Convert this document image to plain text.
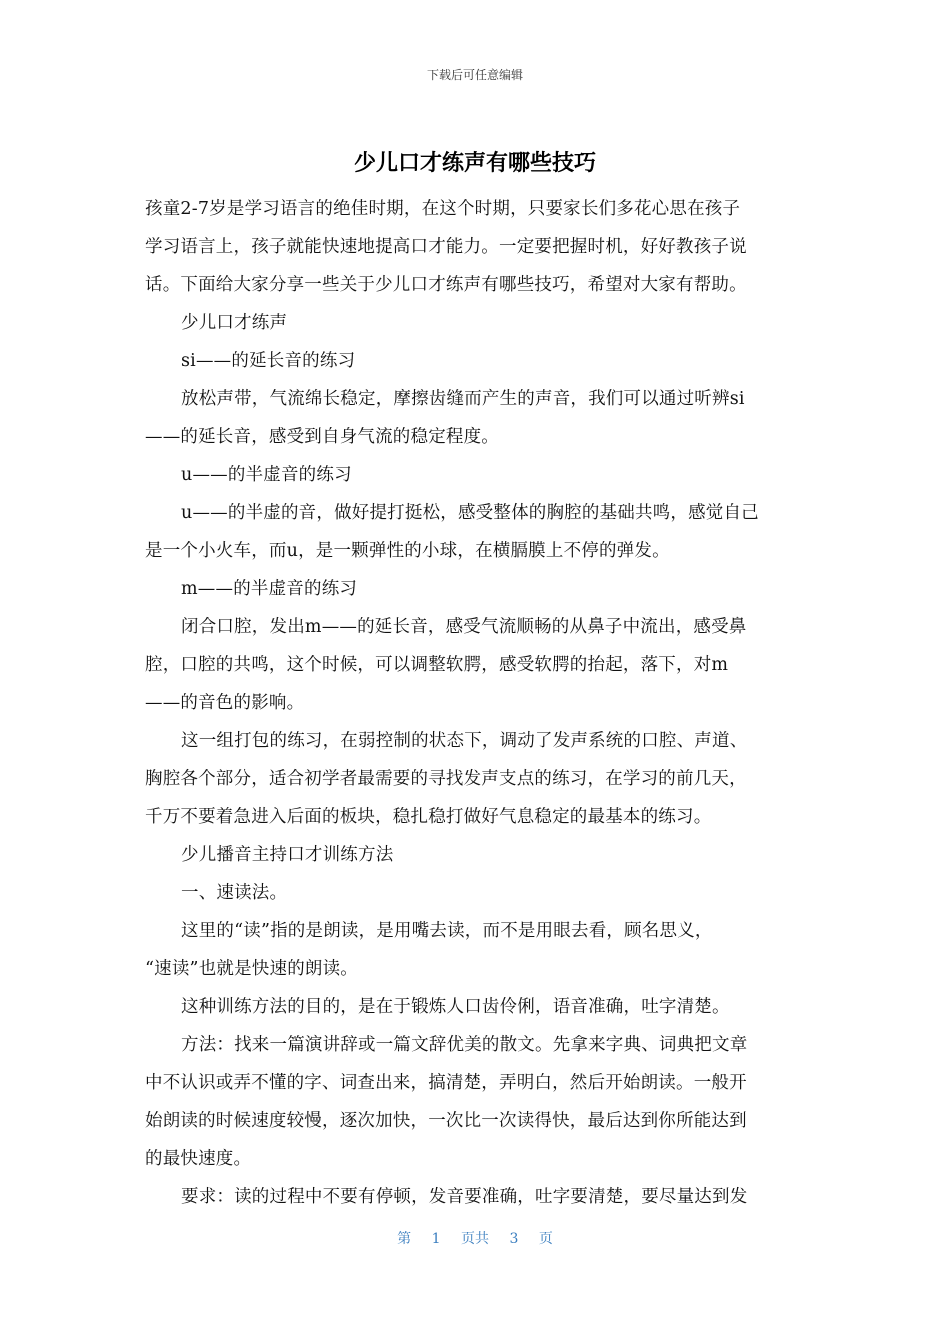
下载后可任意编辑
少儿口才练声有哪些技巧
孩童2-7岁是学习语言的绝佳时期，在这个时期，只要家长们多花心思在孩子
学习语言上，孩子就能快速地提高口才能力。一定要把握时机，好好教孩子说
话。下面给大家分享一些关于少儿口才练声有哪些技巧，希望对大家有帮助。
少儿口才练声
si——的延长音的练习
放松声带，气流绵长稳定，摩擦齿缝而产生的声音，我们可以通过听辨si
——的延长音，感受到自身气流的稳定程度。
u——的半虚音的练习
u——的半虚的音，做好提打挺松，感受整体的胸腔的基础共鸣，感觉自己
是一个小火车，而u，是一颗弹性的小球，在横膈膜上不停的弹发。
m——的半虚音的练习
闭合口腔，发出m——的延长音，感受气流顺畅的从鼻子中流出，感受鼻
腔，口腔的共鸣，这个时候，可以调整软腭，感受软腭的抬起，落下，对m
——的音色的影响。
这一组打包的练习，在弱控制的状态下，调动了发声系统的口腔、声道、
胸腔各个部分，适合初学者最需要的寻找发声支点的练习，在学习的前几天，
千万不要着急进入后面的板块，稳扎稳打做好气息稳定的最基本的练习。
少儿播音主持口才训练方法
一、速读法。
这里的“读”指的是朗读，是用嘴去读，而不是用眼去看，顾名思义，
“速读”也就是快速的朗读。
这种训练方法的目的，是在于锻炼人口齿伶俐，语音准确，吐字清楚。
方法：找来一篇演讲辞或一篇文辞优美的散文。先拿来字典、词典把文章
中不认识或弄不懂的字、词查出来，搞清楚，弄明白，然后开始朗读。一般开
始朗读的时候速度较慢，逐次加快，一次比一次读得快，最后达到你所能达到
的最快速度。
要求：读的过程中不要有停顿，发音要准确，吐字要清楚，要尽量达到发
第 1 页共 3 页
